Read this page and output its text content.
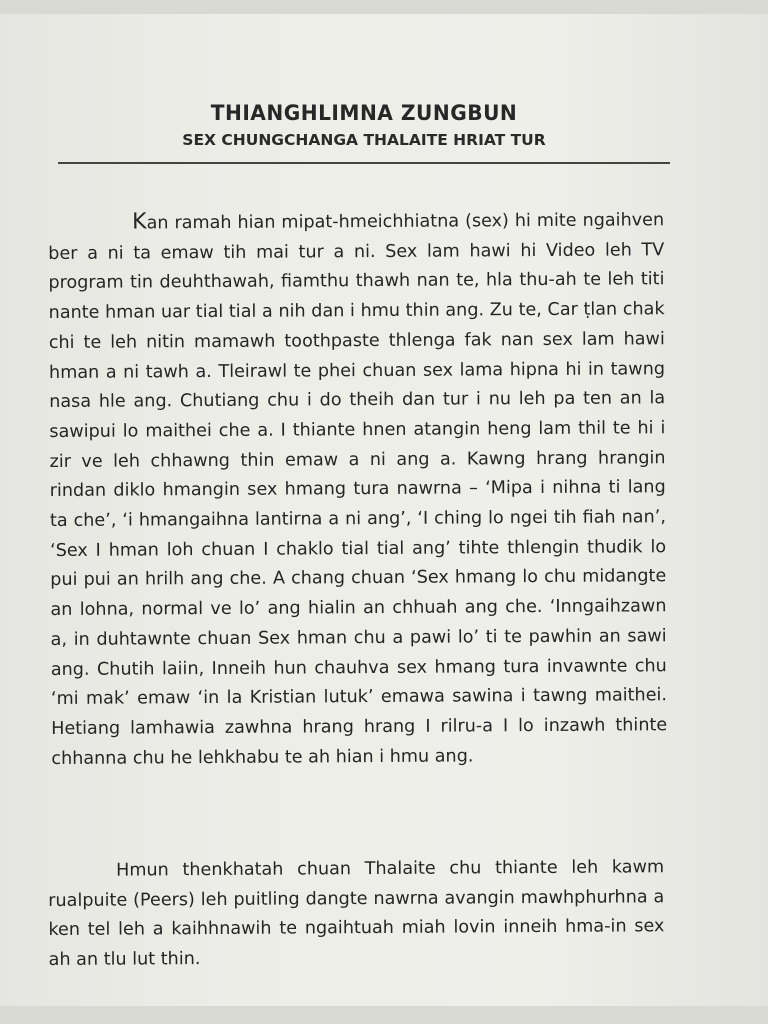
THIANGHLIMNA ZUNGBUN
SEX CHUNGCHANGA THALAITE HRIAT TUR

Kan ramah hian mipat-hmeichhiatna (sex) hi mite ngaihven ber a ni ta emaw tih mai tur a ni. Sex lam hawi hi Video leh TV program tin deuhthawah, fiamthu thawh nan te, hla thu-ah te leh titi nante hman uar tial tial a nih dan i hmu thin ang. Zu te, Car ṭlan chak chi te leh nitin mamawh toothpaste thlenga fak nan sex lam hawi hman a ni tawh a. Tleirawl te phei chuan sex lama hipna hi in tawng nasa hle ang. Chutiang chu i do theih dan tur i nu leh pa ten an la sawipui lo maithei che a. I thiante hnen atangin heng lam thil te hi i zir ve leh chhawng thin emaw a ni ang a. Kawng hrang hrangin rindan diklo hmangin sex hmang tura nawrna – ‘Mipa i nihna ti lang ta che’, ‘i hmangaihna lantirna a ni ang’, ‘I ching lo ngei tih fiah nan’, ‘Sex I hman loh chuan I chaklo tial tial ang’ tihte thlengin thudik lo pui pui an hrilh ang che. A chang chuan ‘Sex hmang lo chu midangte an lohna, normal ve lo’ ang hialin an chhuah ang che. ‘Inngaihzawn a, in duhtawnte chuan Sex hman chu a pawi lo’ ti te pawhin an sawi ang. Chutih laiin, Inneih hun chauhva sex hmang tura invawnte chu ‘mi mak’ emaw ‘in la Kristian lutuk’ emawa sawina i tawng maithei. Hetiang lamhawia zawhna hrang hrang I rilru-a I lo inzawh thinte chhanna chu he lehkhabu te ah hian i hmu ang.

Hmun thenkhatah chuan Thalaite chu thiante leh kawm rualpuite (Peers) leh puitling dangte nawrna avangin mawhphurhna a ken tel leh a kaihhnawih te ngaihtuah miah lovin inneih hma-in sex ah an tlu lut thin.
